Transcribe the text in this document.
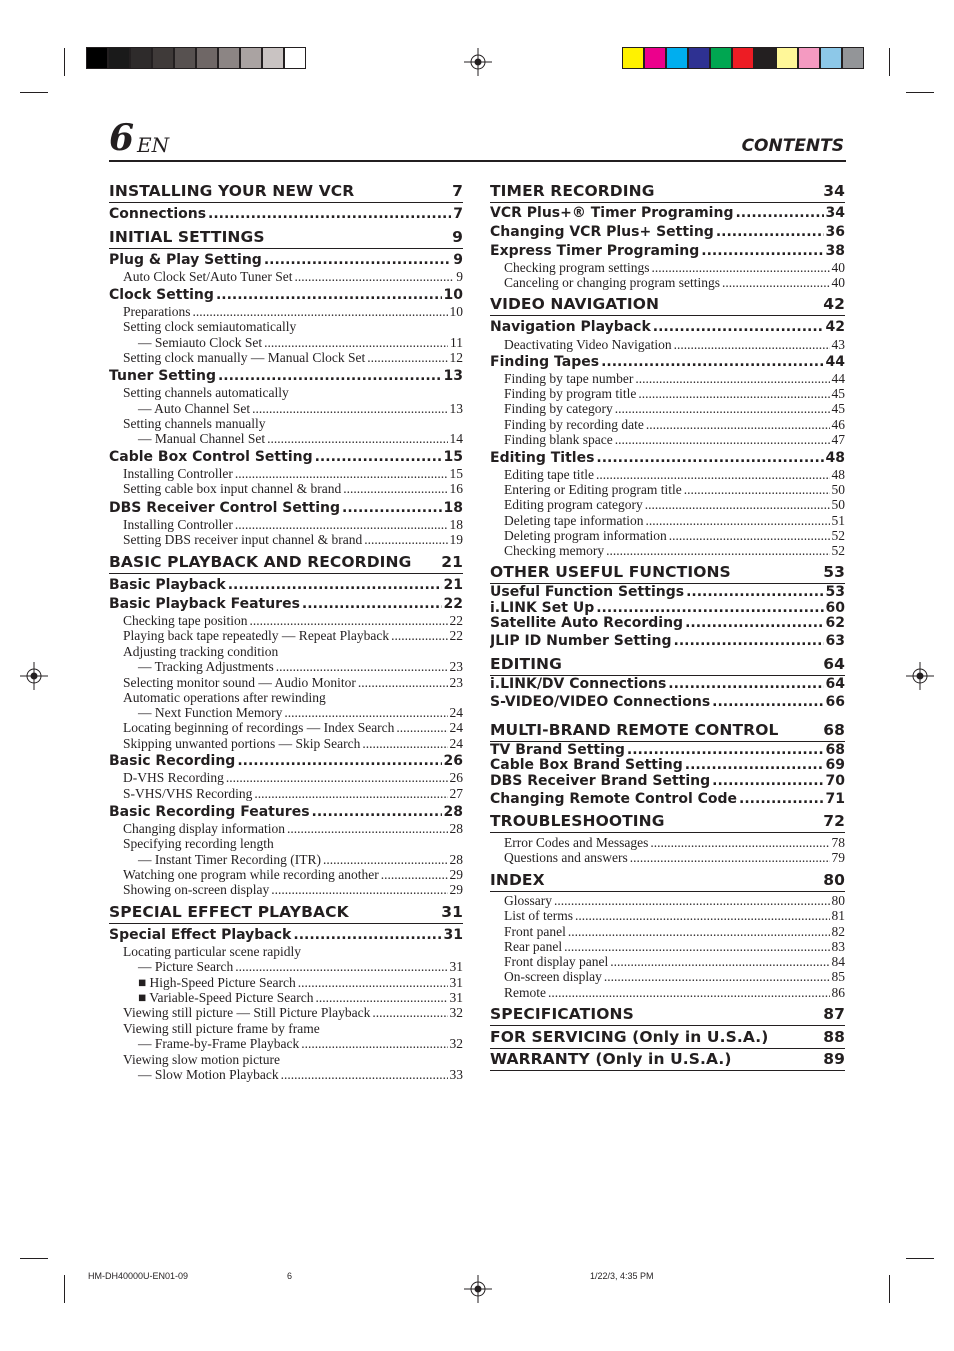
6 EN	CONTENTS
INSTALLING YOUR NEW VCR	7
Connections .....	7
INITIAL SETTINGS	9
Plug & Play Setting .....	9
Auto Clock Set/Auto Tuner Set .....	9
Clock Setting .....	10
Preparations .....	10
Setting clock semiautomatically
— Semiauto Clock Set .....	11
Setting clock manually — Manual Clock Set .....	12
Tuner Setting .....	13
Setting channels automatically
— Auto Channel Set .....	13
Setting channels manually
— Manual Channel Set .....	14
Cable Box Control Setting .....	15
Installing Controller .....	15
Setting cable box input channel & brand .....	16
DBS Receiver Control Setting .....	18
Installing Controller .....	18
Setting DBS receiver input channel & brand .....	19
BASIC PLAYBACK AND RECORDING 21
Basic Playback .....	21
Basic Playback Features .....	22
Checking tape position .....	22
Playing back tape repeatedly — Repeat Playback .....	22
Adjusting tracking condition
— Tracking Adjustments .....	23
Selecting monitor sound — Audio Monitor .....	23
Automatic operations after rewinding
— Next Function Memory .....	24
Locating beginning of recordings — Index Search .....	24
Skipping unwanted portions — Skip Search .....	24
Basic Recording .....	26
D-VHS Recording .....	26
S-VHS/VHS Recording .....	27
Basic Recording Features .....	28
Changing display information .....	28
Specifying recording length
— Instant Timer Recording (ITR) .....	28
Watching one program while recording another .....	29
Showing on-screen display .....	29
SPECIAL EFFECT PLAYBACK	31
Special Effect Playback .....	31
Locating particular scene rapidly
— Picture Search .....	31
■ High-Speed Picture Search .....	31
■ Variable-Speed Picture Search .....	31
Viewing still picture — Still Picture Playback .....	32
Viewing still picture frame by frame
— Frame-by-Frame Playback .....	32
Viewing slow motion picture
— Slow Motion Playback .....	33
TIMER RECORDING	34
VCR Plus+® Timer Programing .....	34
Changing VCR Plus+ Setting .....	36
Express Timer Programing .....	38
Checking program settings .....	40
Canceling or changing program settings .....	40
VIDEO NAVIGATION	42
Navigation Playback .....	42
Deactivating Video Navigation .....	43
Finding Tapes .....	44
Finding by tape number .....	44
Finding by program title .....	45
Finding by category .....	45
Finding by recording date .....	46
Finding blank space .....	47
Editing Titles .....	48
Editing tape title .....	48
Entering or Editing program title .....	50
Editing program category .....	50
Deleting tape information .....	51
Deleting program information .....	52
Checking memory .....	52
OTHER USEFUL FUNCTIONS	53
Useful Function Settings .....	53
i.LINK Set Up .....	60
Satellite Auto Recording .....	62
JLIP ID Number Setting .....	63
EDITING	64
i.LINK/DV Connections .....	64
S-VIDEO/VIDEO Connections .....	66
MULTI-BRAND REMOTE CONTROL	68
TV Brand Setting .....	68
Cable Box Brand Setting .....	69
DBS Receiver Brand Setting .....	70
Changing Remote Control Code .....	71
TROUBLESHOOTING	72
Error Codes and Messages .....	78
Questions and answers .....	79
INDEX	80
Glossary .....	80
List of terms .....	81
Front panel .....	82
Rear panel .....	83
Front display panel .....	84
On-screen display .....	85
Remote .....	86
SPECIFICATIONS	87
FOR SERVICING (Only in U.S.A.)	88
WARRANTY (Only in U.S.A.)	89
HM-DH40000U-EN01-09	6	1/22/3, 4:35 PM
